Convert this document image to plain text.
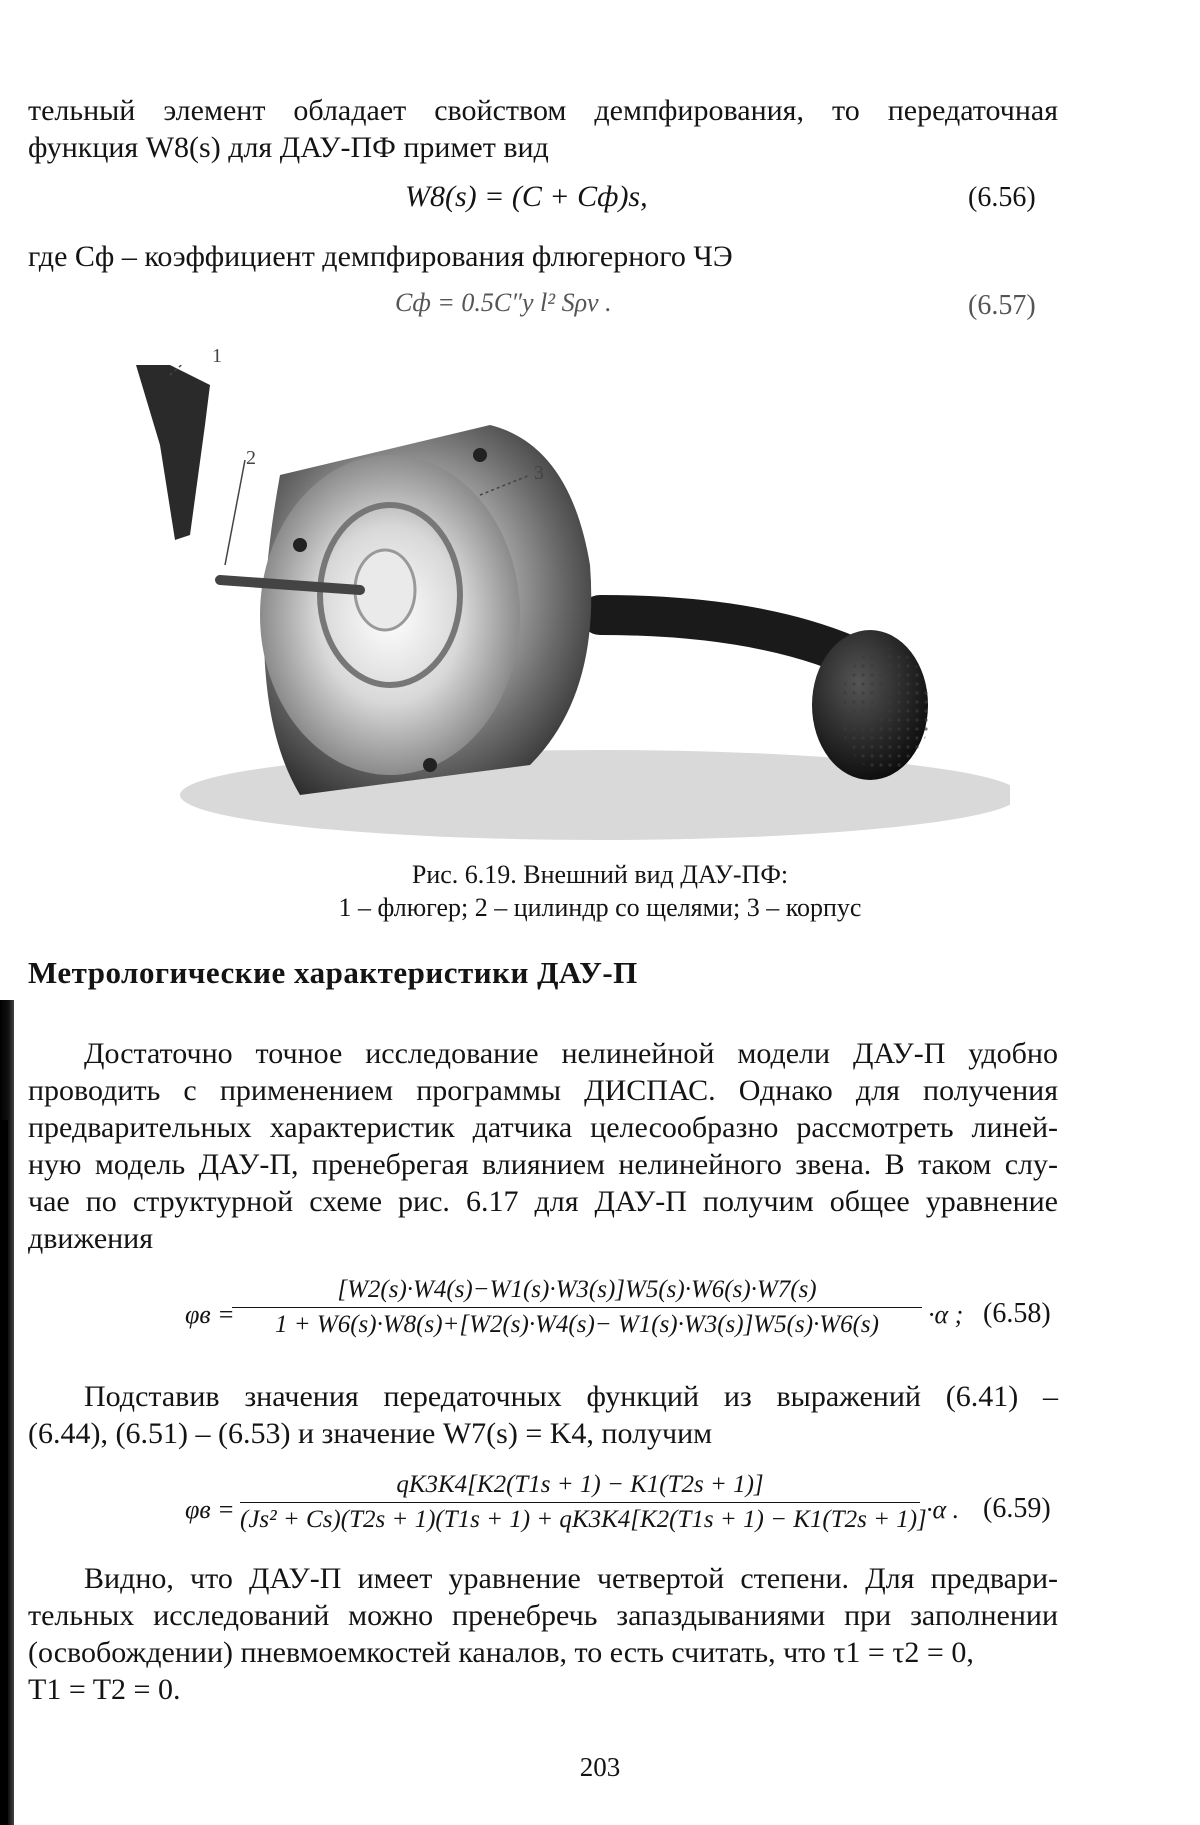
тельный элемент обладает свойством демпфирования, то передаточная
функция W8(s) для ДАУ-ПФ примет вид
W8(s) = (C + Cф)s,	(6.56)
где Cф – коэффициент демпфирования флюгерного ЧЭ
Cф = 0.5C″y l² Sρv .	(6.57)
1
2
3
Рис. 6.19. Внешний вид ДАУ-ПФ:
1 – флюгер; 2 – цилиндр со щелями; 3 – корпус
Метрологические характеристики ДАУ-П
Достаточно точное исследование нелинейной модели ДАУ-П удобно
проводить с применением программы ДИСПАС. Однако для получения
предварительных характеристик датчика целесообразно рассмотреть линей-
ную модель ДАУ-П, пренебрегая влиянием нелинейного звена. В таком слу-
чае по структурной схеме рис. 6.17 для ДАУ-П получим общее уравнение
движения
φв =
[W2(s)·W4(s)−W1(s)·W3(s)]W5(s)·W6(s)·W7(s)
1 + W6(s)·W8(s)+[W2(s)·W4(s)− W1(s)·W3(s)]W5(s)·W6(s)	·α ; (6.58)
Подставив значения передаточных функций из выражений (6.41) –
(6.44), (6.51) – (6.53) и значение W7(s) = K4, получим
φв =
qK3K4[K2(T1s + 1) − K1(T2s + 1)]
(Js² + Cs)(T2s + 1)(T1s + 1) + qK3K4[K2(T1s + 1) − K1(T2s + 1)] ·α . (6.59)
Видно, что ДАУ-П имеет уравнение четвертой степени. Для предвари-
тельных исследований можно пренебречь запаздываниями при заполнении
(освобождении) пневмоемкостей каналов, то есть считать, что τ1 = τ2 = 0,
T1 = T2 = 0.
203
